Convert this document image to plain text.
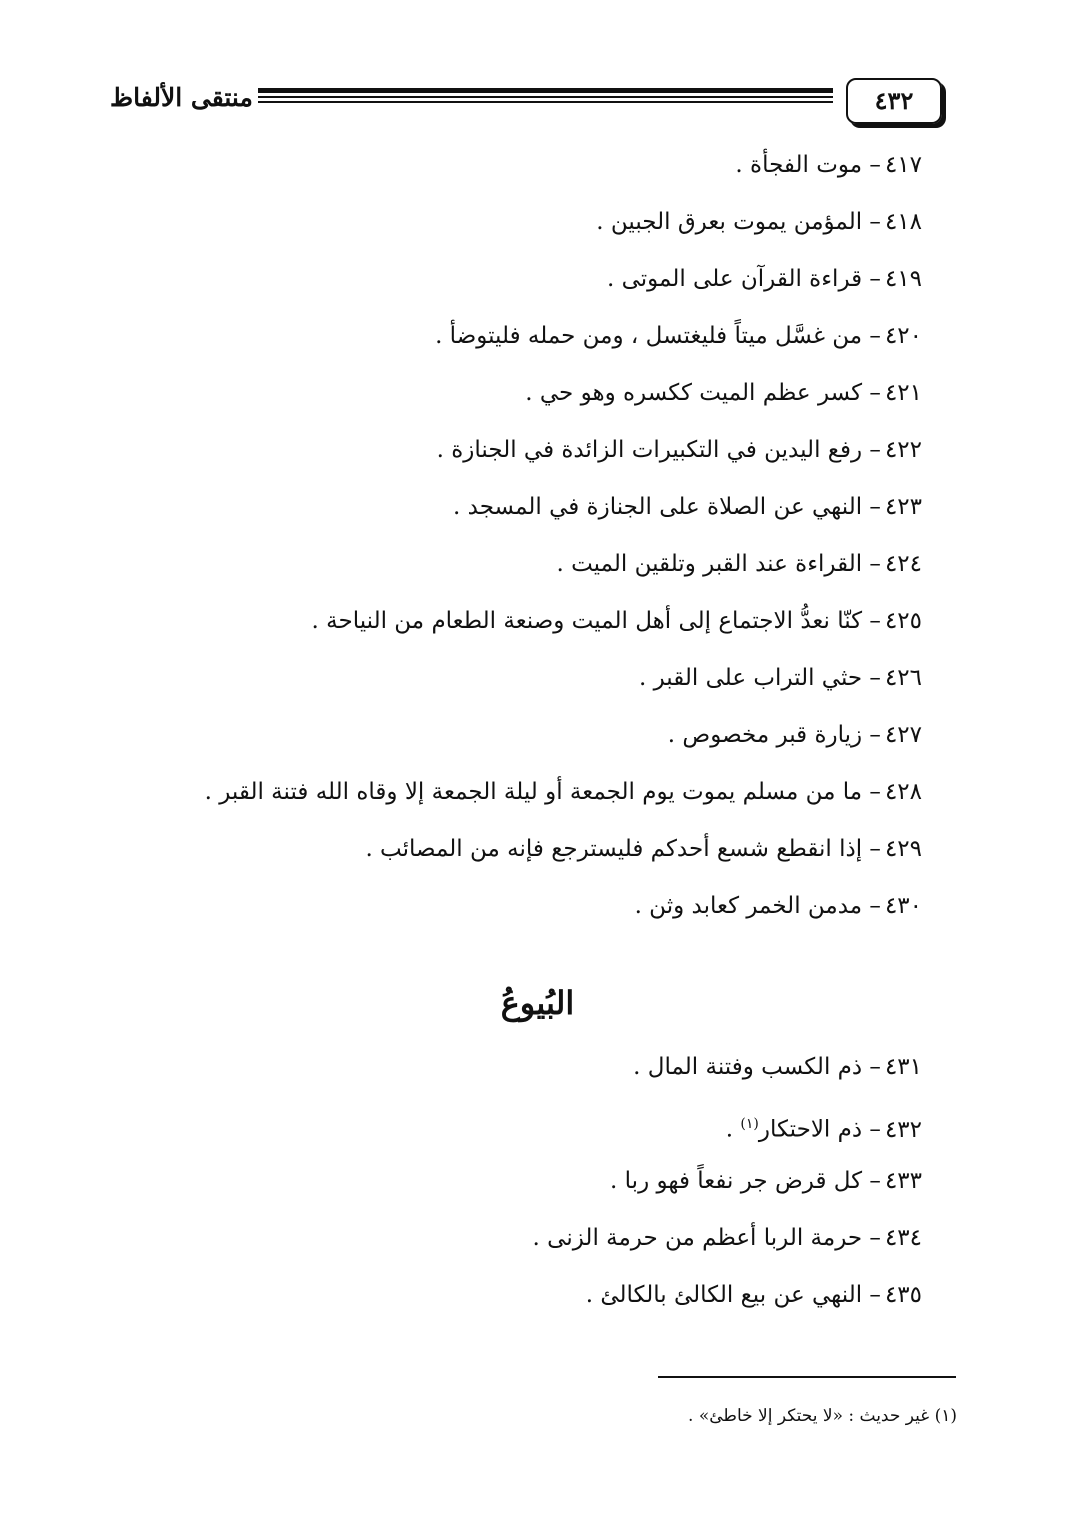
منتقى الألفاظ	٤٣٢
٤١٧– موت الفجأة .
٤١٨– المؤمن يموت بعرق الجبين .
٤١٩– قراءة القرآن على الموتى .
٤٢٠– من غسَّل ميتاً فليغتسل ، ومن حمله فليتوضأ .
٤٢١– كسر عظم الميت ككسره وهو حي .
٤٢٢– رفع اليدين في التكبيرات الزائدة في الجنازة .
٤٢٣– النهي عن الصلاة على الجنازة في المسجد .
٤٢٤– القراءة عند القبر وتلقين الميت .
٤٢٥– كنّا نعدُّ الاجتماع إلى أهل الميت وصنعة الطعام من النياحة .
٤٢٦– حثي التراب على القبر .
٤٢٧– زيارة قبر مخصوص .
٤٢٨– ما من مسلم يموت يوم الجمعة أو ليلة الجمعة إلا وقاه الله فتنة القبر .
٤٢٩– إذا انقطع شسع أحدكم فليسترجع فإنه من المصائب .
٤٣٠– مدمن الخمر كعابد وثن .
البُيوعُ
٤٣١– ذم الكسب وفتنة المال .
٤٣٢– ذم الاحتكار$^{(١)}$ .
٤٣٣– كل قرض جر نفعاً فهو ربا .
٤٣٤– حرمة الربا أعظم من حرمة الزنى .
٤٣٥– النهي عن بيع الكالئ بالكالئ .
(١) غير حديث : «لا يحتكر إلا خاطئ» .
